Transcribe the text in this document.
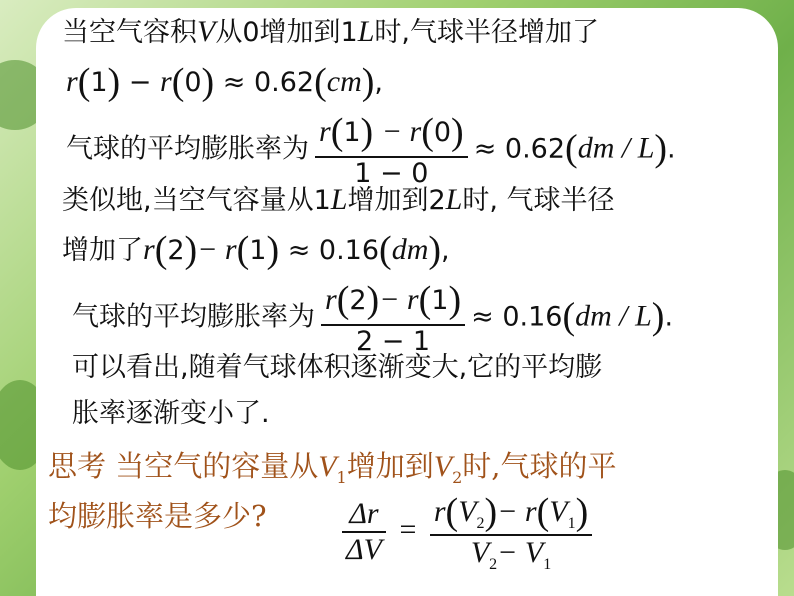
当空气容积V从0增加到1L时,气球半径增加了
r(1) − r(0) ≈ 0.62(cm),
气球的平均膨胀率为 $\frac{r(1) - r(0)}{1 - 0} \approx 0.62(dm / L)$.
类似地,当空气容量从1L增加到2L时, 气球半径
增加了r(2)− r(1) ≈ 0.16(dm),
气球的平均膨胀率为 $\frac{r(2)- r(1)}{2 - 1} \approx 0.16(dm / L)$.
可以看出,随着气球体积逐渐变大,它的平均膨
胀率逐渐变小了.
思考 当空气的容量从$V_1$增加到$V_2$时,气球的平
均膨胀率是多少?	$\frac{\Delta r}{\Delta V} = \frac{r(V_2)- r(V_1)}{V_2- V_1}$
